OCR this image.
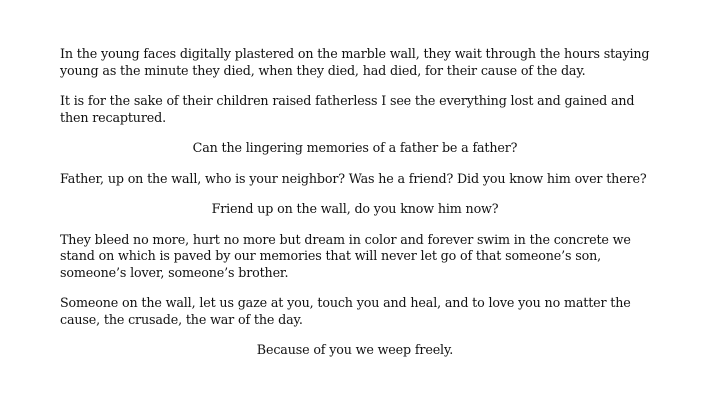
In the young faces digitally plastered on the marble wall, they wait through the hours staying young as the minute they died, when they died, had died, for their cause of the day.

It is for the sake of their children raised fatherless I see the everything lost and gained and then recaptured.

Can the lingering memories of a father be a father?

Father, up on the wall, who is your neighbor? Was he a friend? Did you know him over there?

Friend up on the wall, do you know him now?

They bleed no more, hurt no more but dream in color and forever swim in the concrete we stand on which is paved by our memories that will never let go of that someone’s son, someone’s lover, someone’s brother.

Someone on the wall, let us gaze at you, touch you and heal, and to love you no matter the cause, the crusade, the war of the day.

Because of you we weep freely.
